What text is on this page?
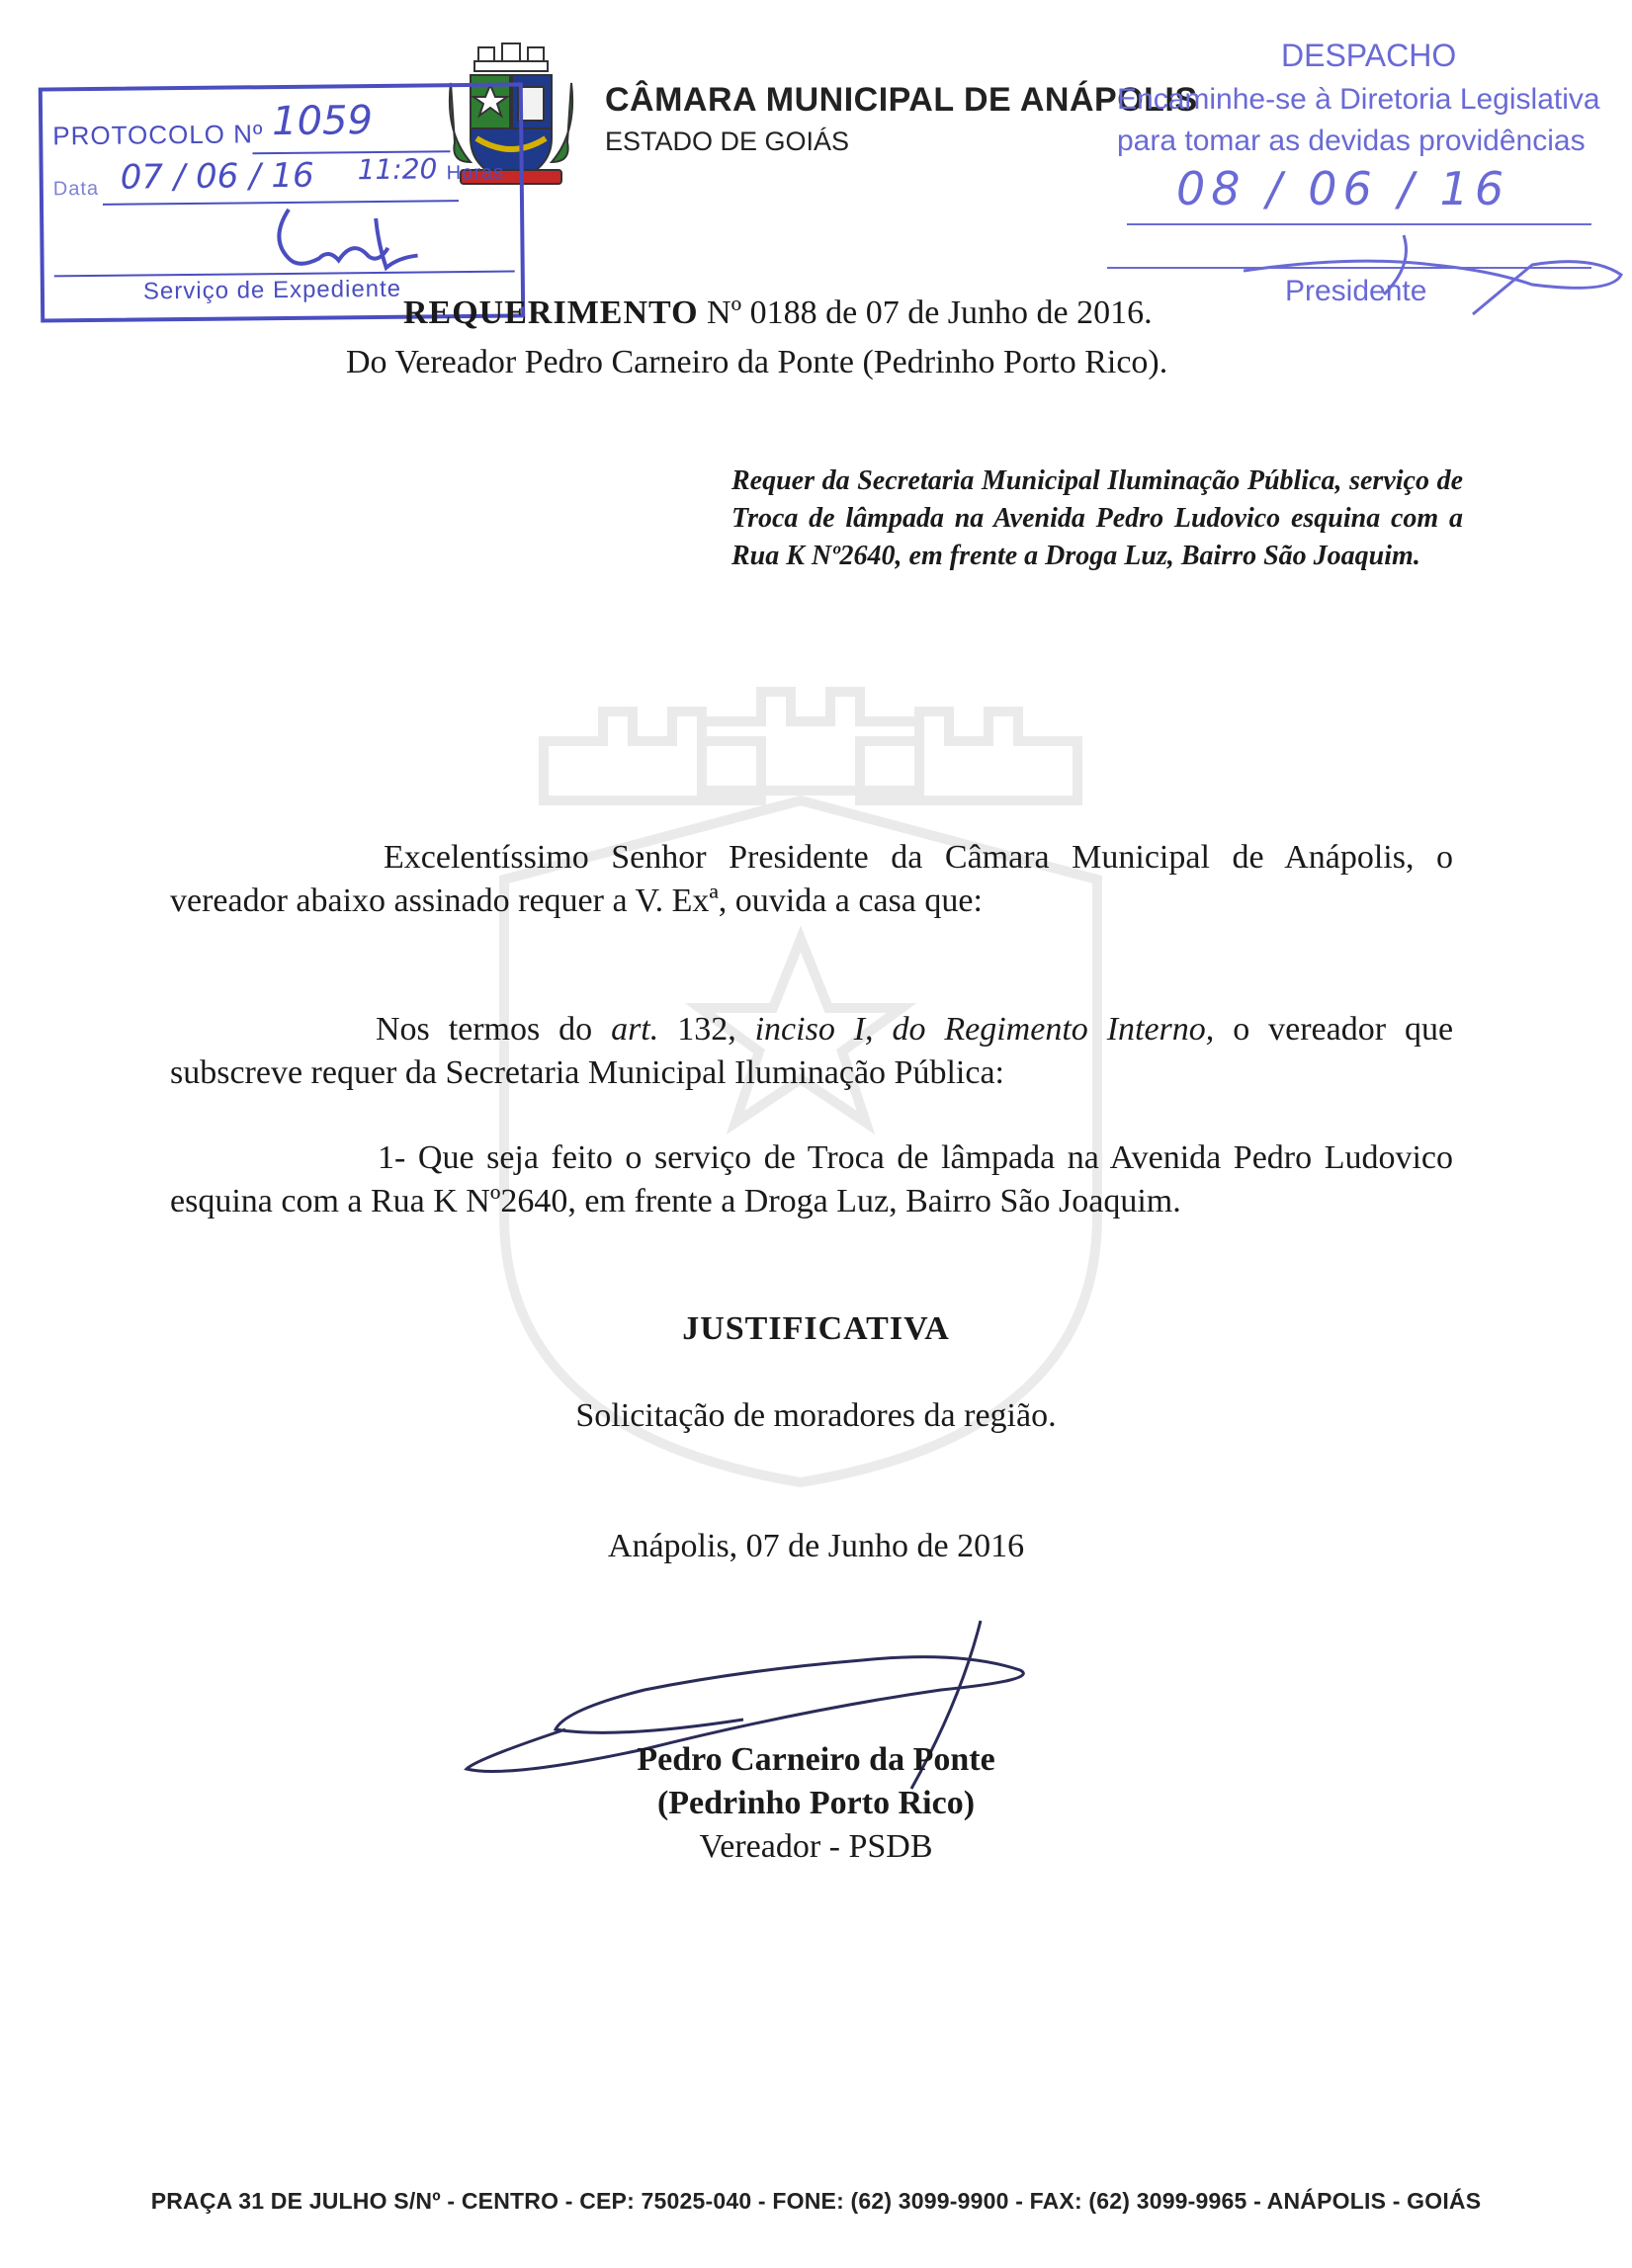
CÂMARA MUNICIPAL DE ANÁPOLIS
ESTADO DE GOIÁS
PROTOCOLO Nº 1059
Data 07 / 06 / 16 11:20 Horas
Serviço de Expediente
DESPACHO
Encaminhe-se à Diretoria Legislativa
para tomar as devidas providências
08 / 06 / 16
Presidente
REQUERIMENTO Nº 0188 de 07 de Junho de 2016.
Do Vereador Pedro Carneiro da Ponte (Pedrinho Porto Rico).
Requer da Secretaria Municipal Iluminação Pública, serviço de Troca de lâmpada na Avenida Pedro Ludovico esquina com a Rua K Nº2640, em frente a Droga Luz, Bairro São Joaquim.
Excelentíssimo Senhor Presidente da Câmara Municipal de Anápolis, o vereador abaixo assinado requer a V. Exª, ouvida a casa que:
Nos termos do art. 132, inciso I, do Regimento Interno, o vereador que subscreve requer da Secretaria Municipal Iluminação Pública:
1- Que seja feito o serviço de Troca de lâmpada na Avenida Pedro Ludovico esquina com a Rua K Nº2640, em frente a Droga Luz, Bairro São Joaquim.
JUSTIFICATIVA
Solicitação de moradores da região.
Anápolis, 07 de Junho de 2016
Pedro Carneiro da Ponte
(Pedrinho Porto Rico)
Vereador - PSDB
PRAÇA 31 DE JULHO S/Nº - CENTRO - CEP: 75025-040 - FONE: (62) 3099-9900 - FAX: (62) 3099-9965 - ANÁPOLIS - GOIÁS
